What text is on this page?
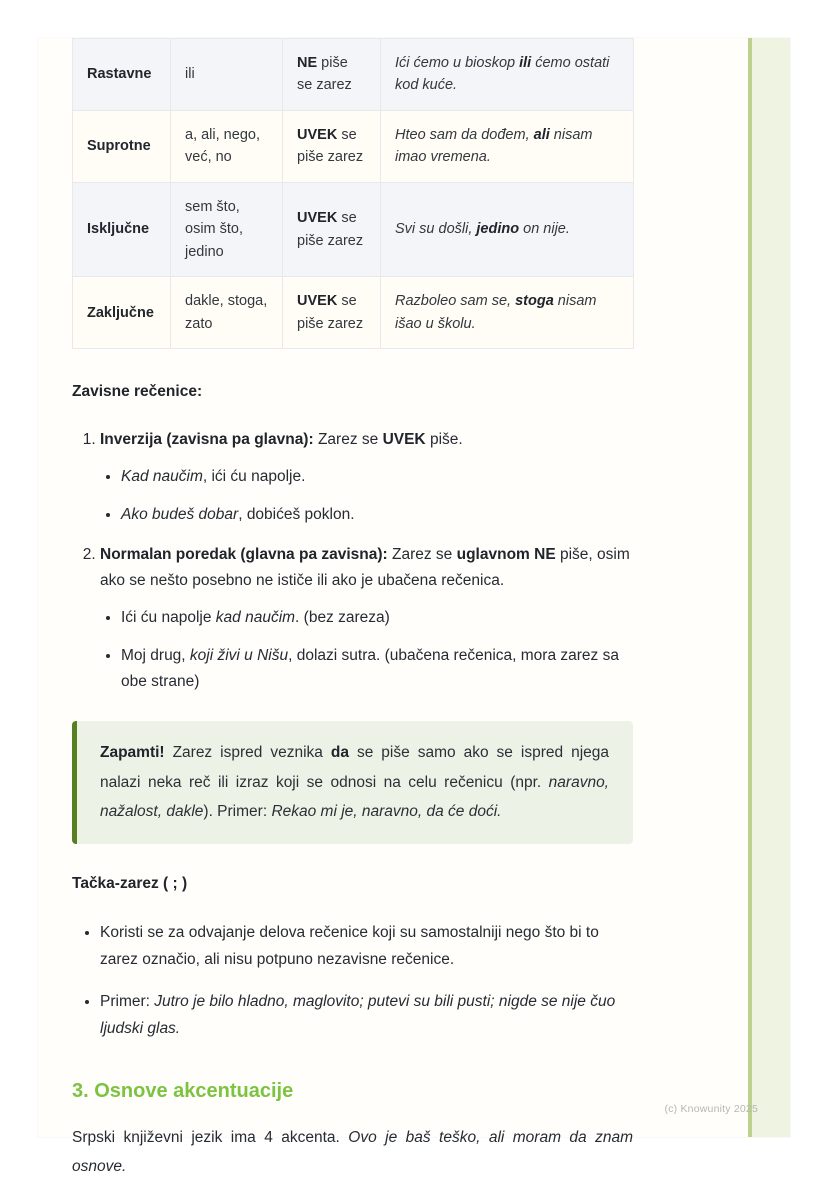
Rastavne	ili	NE piše se zarez	Ići ćemo u bioskop ili ćemo ostati kod kuće.
Suprotne	a, ali, nego, već, no	UVEK se piše zarez	Hteo sam da dođem, ali nisam imao vremena.
Isključne	sem što, osim što, jedino	UVEK se piše zarez	Svi su došli, jedino on nije.
Zaključne	dakle, stoga, zato	UVEK se piše zarez	Razboleo sam se, stoga nisam išao u školu.

Zavisne rečenice:

1. Inverzija (zavisna pa glavna): Zarez se UVEK piše.
• Kad naučim, ići ću napolje.
• Ako budeš dobar, dobićeš poklon.
2. Normalan poredak (glavna pa zavisna): Zarez se uglavnom NE piše, osim ako se nešto posebno ne ističe ili ako je ubačena rečenica.
• Ići ću napolje kad naučim. (bez zareza)
• Moj drug, koji živi u Nišu, dolazi sutra. (ubačena rečenica, mora zarez sa obe strane)

Zapamti! Zarez ispred veznika da se piše samo ako se ispred njega nalazi neka reč ili izraz koji se odnosi na celu rečenicu (npr. naravno, nažalost, dakle). Primer: Rekao mi je, naravno, da će doći.

Tačka-zarez ( ; )

• Koristi se za odvajanje delova rečenice koji su samostalniji nego što bi to zarez označio, ali nisu potpuno nezavisne rečenice.
• Primer: Jutro je bilo hladno, maglovito; putevi su bili pusti; nigde se nije čuo ljudski glas.
3. Osnove akcentuacije

Srpski književni jezik ima 4 akcenta. Ovo je baš teško, ali moram da znam osnove.

(c) Knowunity 2025
